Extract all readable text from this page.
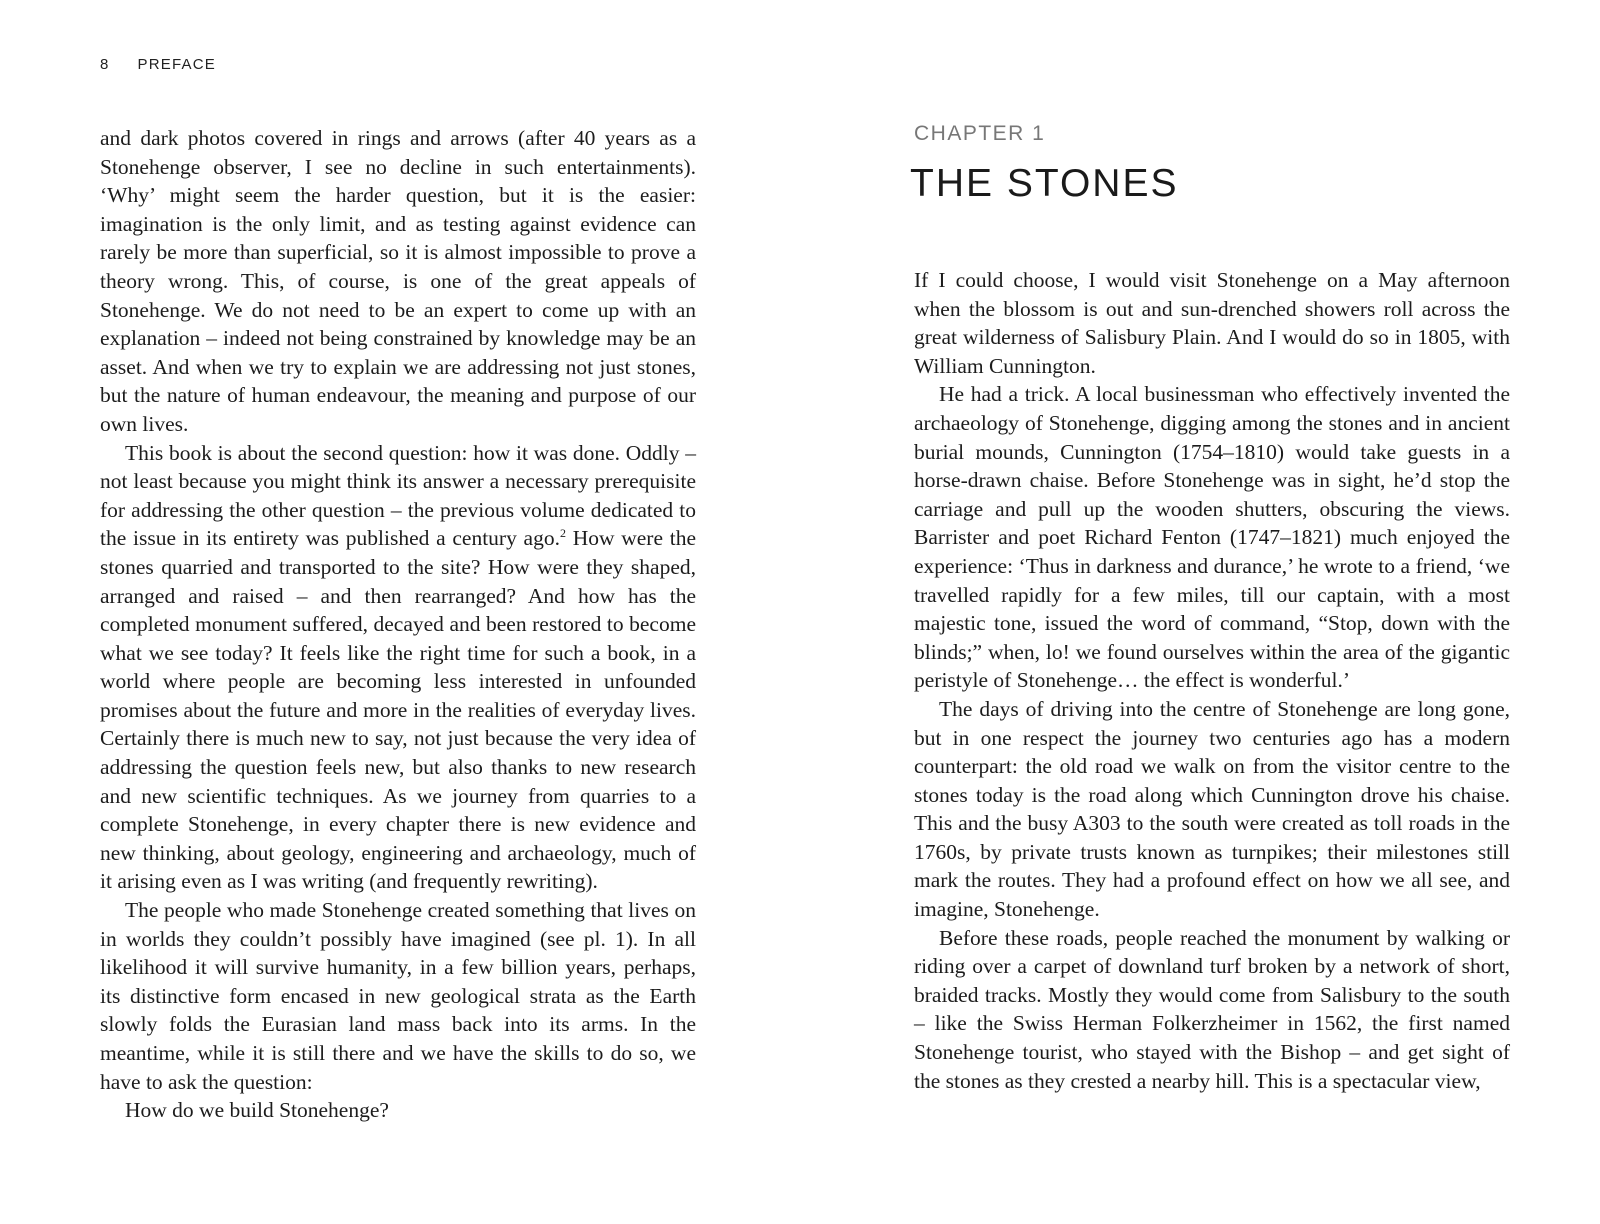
8 PREFACE

and dark photos covered in rings and arrows (after 40 years as a Stonehenge observer, I see no decline in such entertainments). ‘Why’ might seem the harder question, but it is the easier: imagination is the only limit, and as testing against evidence can rarely be more than superficial, so it is almost impossible to prove a theory wrong. This, of course, is one of the great appeals of Stonehenge. We do not need to be an expert to come up with an explanation – indeed not being constrained by knowledge may be an asset. And when we try to explain we are addressing not just stones, but the nature of human endeavour, the meaning and purpose of our own lives.

This book is about the second question: how it was done. Oddly – not least because you might think its answer a necessary prerequisite for addressing the other question – the previous volume dedicated to the issue in its entirety was published a century ago.$^2$ How were the stones quarried and transported to the site? How were they shaped, arranged and raised – and then rearranged? And how has the completed monument suffered, decayed and been restored to become what we see today? It feels like the right time for such a book, in a world where people are becoming less interested in unfounded promises about the future and more in the realities of everyday lives. Certainly there is much new to say, not just because the very idea of addressing the question feels new, but also thanks to new research and new scientific techniques. As we journey from quarries to a complete Stonehenge, in every chapter there is new evidence and new thinking, about geology, engineering and archaeology, much of it arising even as I was writing (and frequently rewriting).

The people who made Stonehenge created something that lives on in worlds they couldn’t possibly have imagined (see pl. 1). In all likelihood it will survive humanity, in a few billion years, perhaps, its distinctive form encased in new geological strata as the Earth slowly folds the Eurasian land mass back into its arms. In the meantime, while it is still there and we have the skills to do so, we have to ask the question:

How do we build Stonehenge?

CHAPTER 1
THE STONES

If I could choose, I would visit Stonehenge on a May afternoon when the blossom is out and sun-drenched showers roll across the great wilderness of Salisbury Plain. And I would do so in 1805, with William Cunnington.

He had a trick. A local businessman who effectively invented the archaeology of Stonehenge, digging among the stones and in ancient burial mounds, Cunnington (1754–1810) would take guests in a horse-drawn chaise. Before Stonehenge was in sight, he’d stop the carriage and pull up the wooden shutters, obscuring the views. Barrister and poet Richard Fenton (1747–1821) much enjoyed the experience: ‘Thus in darkness and durance,’ he wrote to a friend, ‘we travelled rapidly for a few miles, till our captain, with a most majestic tone, issued the word of command, “Stop, down with the blinds;” when, lo! we found ourselves within the area of the gigantic peristyle of Stonehenge… the effect is wonderful.’

The days of driving into the centre of Stonehenge are long gone, but in one respect the journey two centuries ago has a modern counterpart: the old road we walk on from the visitor centre to the stones today is the road along which Cunnington drove his chaise. This and the busy A303 to the south were created as toll roads in the 1760s, by private trusts known as turnpikes; their milestones still mark the routes. They had a profound effect on how we all see, and imagine, Stonehenge.

Before these roads, people reached the monument by walking or riding over a carpet of downland turf broken by a network of short, braided tracks. Mostly they would come from Salisbury to the south – like the Swiss Herman Folkerzheimer in 1562, the first named Stonehenge tourist, who stayed with the Bishop – and get sight of the stones as they crested a nearby hill. This is a spectacular view,
